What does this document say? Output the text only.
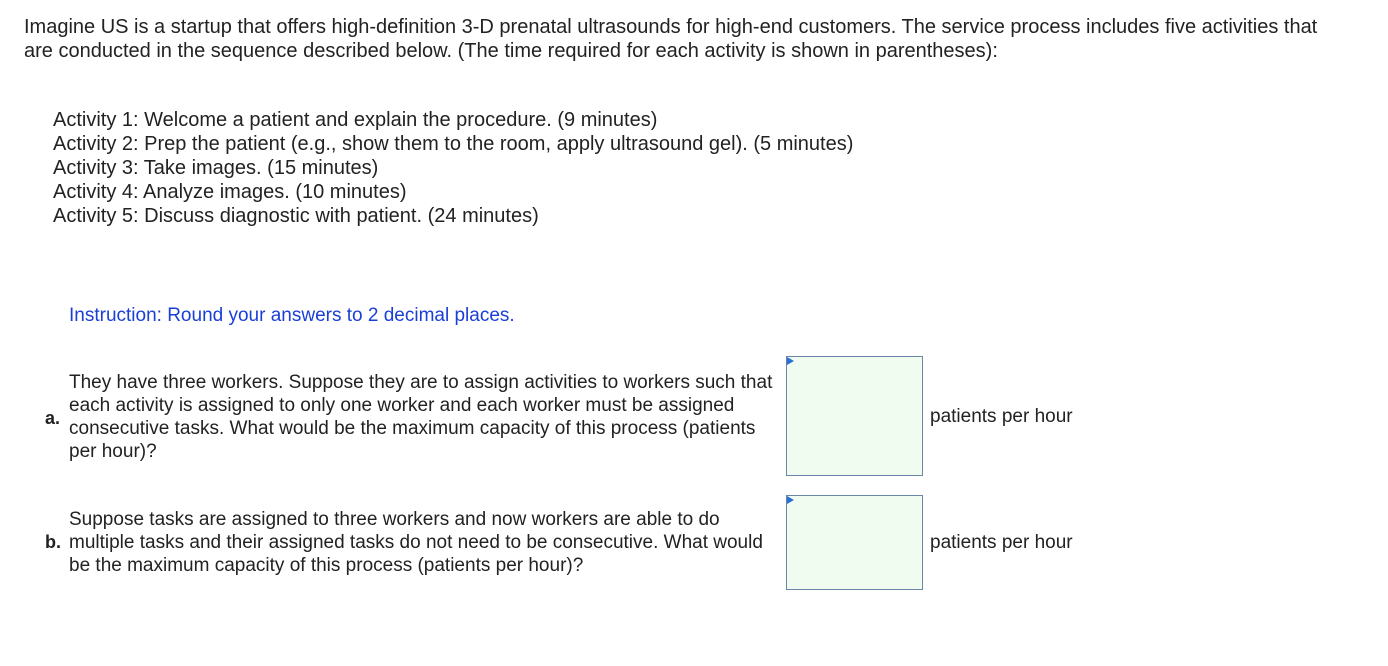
Imagine US is a startup that offers high-definition 3-D prenatal ultrasounds for high-end customers. The service process includes five activities that are conducted in the sequence described below. (The time required for each activity is shown in parentheses):

Activity 1: Welcome a patient and explain the procedure. (9 minutes)
Activity 2: Prep the patient (e.g., show them to the room, apply ultrasound gel). (5 minutes)
Activity 3: Take images. (15 minutes)
Activity 4: Analyze images. (10 minutes)
Activity 5: Discuss diagnostic with patient. (24 minutes)

Instruction: Round your answers to 2 decimal places.

a.

They have three workers. Suppose they are to assign activities to workers such that each activity is assigned to only one worker and each worker must be assigned consecutive tasks. What would be the maximum capacity of this process (patients per hour)?

patients per hour
b.

Suppose tasks are assigned to three workers and now workers are able to do multiple tasks and their assigned tasks do not need to be consecutive. What would be the maximum capacity of this process (patients per hour)?

patients per hour
